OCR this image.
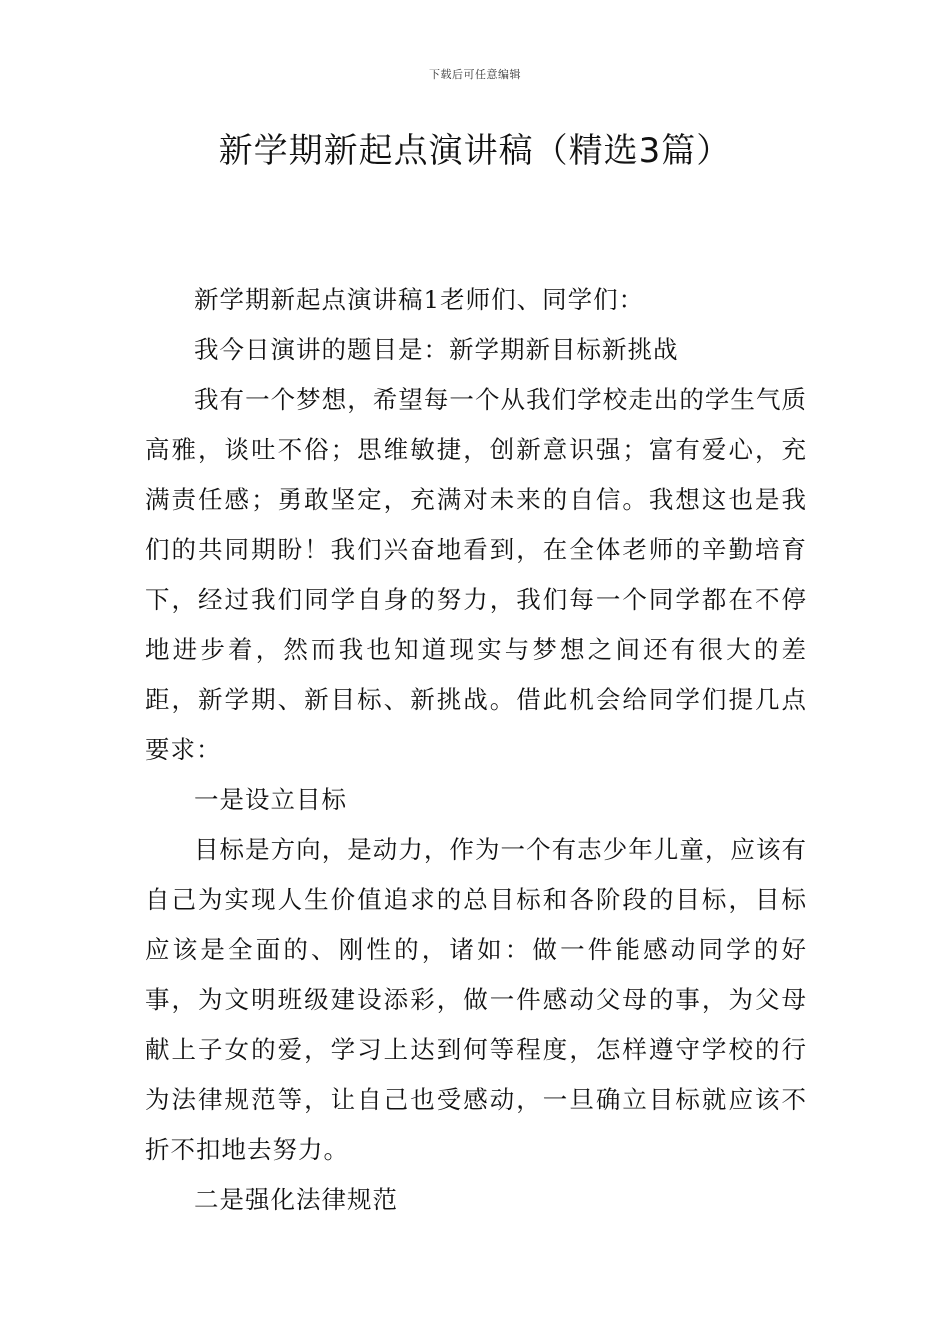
下载后可任意编辑
新学期新起点演讲稿（精选3篇）

新学期新起点演讲稿1老师们、同学们：

我今日演讲的题目是：新学期新目标新挑战

我有一个梦想，希望每一个从我们学校走出的学生气质高雅，谈吐不俗；思维敏捷，创新意识强；富有爱心，充满责任感；勇敢坚定，充满对未来的自信。我想这也是我们的共同期盼！我们兴奋地看到，在全体老师的辛勤培育下，经过我们同学自身的努力，我们每一个同学都在不停地进步着，然而我也知道现实与梦想之间还有很大的差距，新学期、新目标、新挑战。借此机会给同学们提几点要求：

一是设立目标

目标是方向，是动力，作为一个有志少年儿童，应该有自己为实现人生价值追求的总目标和各阶段的目标，目标应该是全面的、刚性的，诸如：做一件能感动同学的好事，为文明班级建设添彩，做一件感动父母的事，为父母献上子女的爱，学习上达到何等程度，怎样遵守学校的行为法律规范等，让自己也受感动，一旦确立目标就应该不折不扣地去努力。

二是强化法律规范
